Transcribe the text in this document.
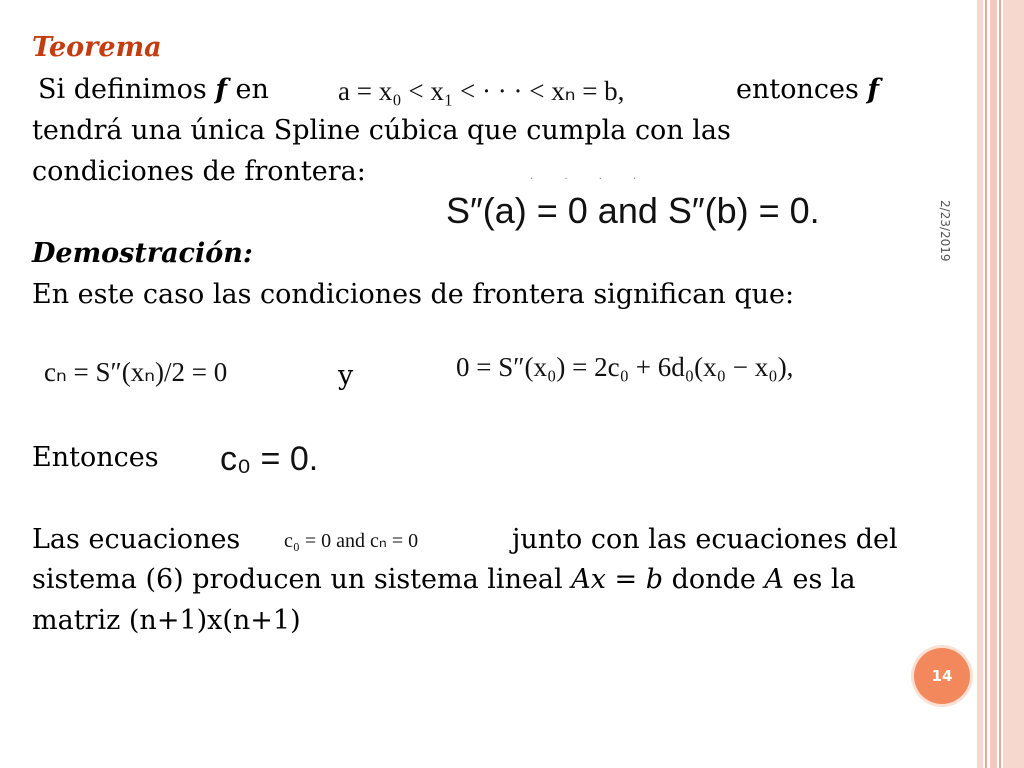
2/23/2019
14
Teorema
Si definimos f en	a = x₀ < x₁ < · · · < xₙ = b,	entonces f
tendrá una única Spline cúbica que cumpla con las
condiciones de frontera:	· · · ·
S″(a) = 0 and S″(b) = 0.
Demostración:
En este caso las condiciones de frontera significan que:
cₙ = S″(xₙ)/2 = 0	y	0 = S″(x₀) = 2c₀ + 6d₀(x₀ − x₀),
Entonces c₀ = 0.
Las ecuaciones c₀ = 0 and cₙ = 0	junto con las ecuaciones del
sistema (6) producen un sistema lineal Ax = b donde A es la
matriz (n+1)x(n+1)
